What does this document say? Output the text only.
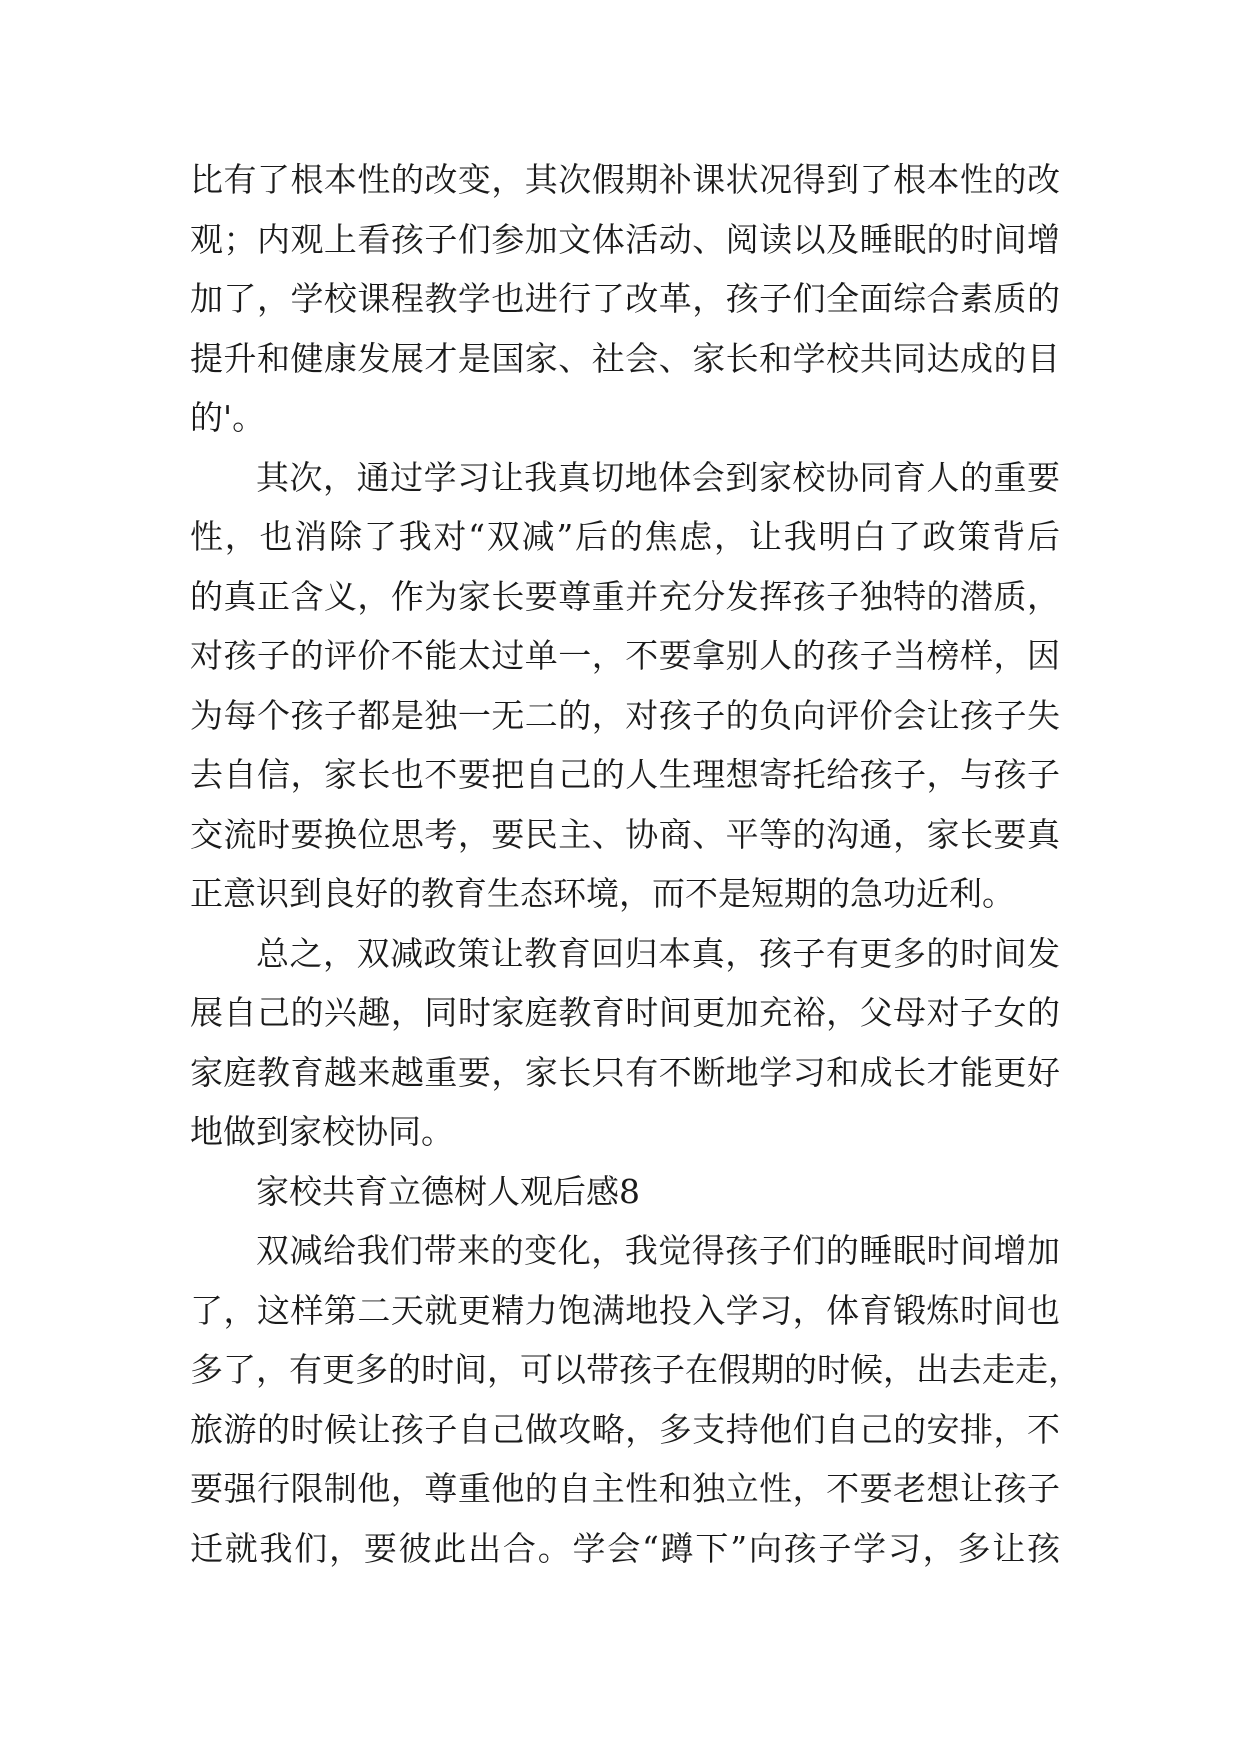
比有了根本性的改变，其次假期补课状况得到了根本性的改
观；内观上看孩子们参加文体活动、阅读以及睡眠的时间增
加了，学校课程教学也进行了改革，孩子们全面综合素质的
提升和健康发展才是国家、社会、家长和学校共同达成的目
的'。
其次，通过学习让我真切地体会到家校协同育人的重要
性，也消除了我对“双减”后的焦虑，让我明白了政策背后
的真正含义，作为家长要尊重并充分发挥孩子独特的潜质，
对孩子的评价不能太过单一，不要拿别人的孩子当榜样，因
为每个孩子都是独一无二的，对孩子的负向评价会让孩子失
去自信，家长也不要把自己的人生理想寄托给孩子，与孩子
交流时要换位思考，要民主、协商、平等的沟通，家长要真
正意识到良好的教育生态环境，而不是短期的急功近利。
总之，双减政策让教育回归本真，孩子有更多的时间发
展自己的兴趣，同时家庭教育时间更加充裕，父母对子女的
家庭教育越来越重要，家长只有不断地学习和成长才能更好
地做到家校协同。
家校共育立德树人观后感8
双减给我们带来的变化，我觉得孩子们的睡眠时间增加
了，这样第二天就更精力饱满地投入学习，体育锻炼时间也
多了，有更多的时间，可以带孩子在假期的时候，出去走走，
旅游的时候让孩子自己做攻略，多支持他们自己的安排，不
要强行限制他，尊重他的自主性和独立性，不要老想让孩子
迁就我们，要彼此出合。学会“蹲下”向孩子学习，多让孩
